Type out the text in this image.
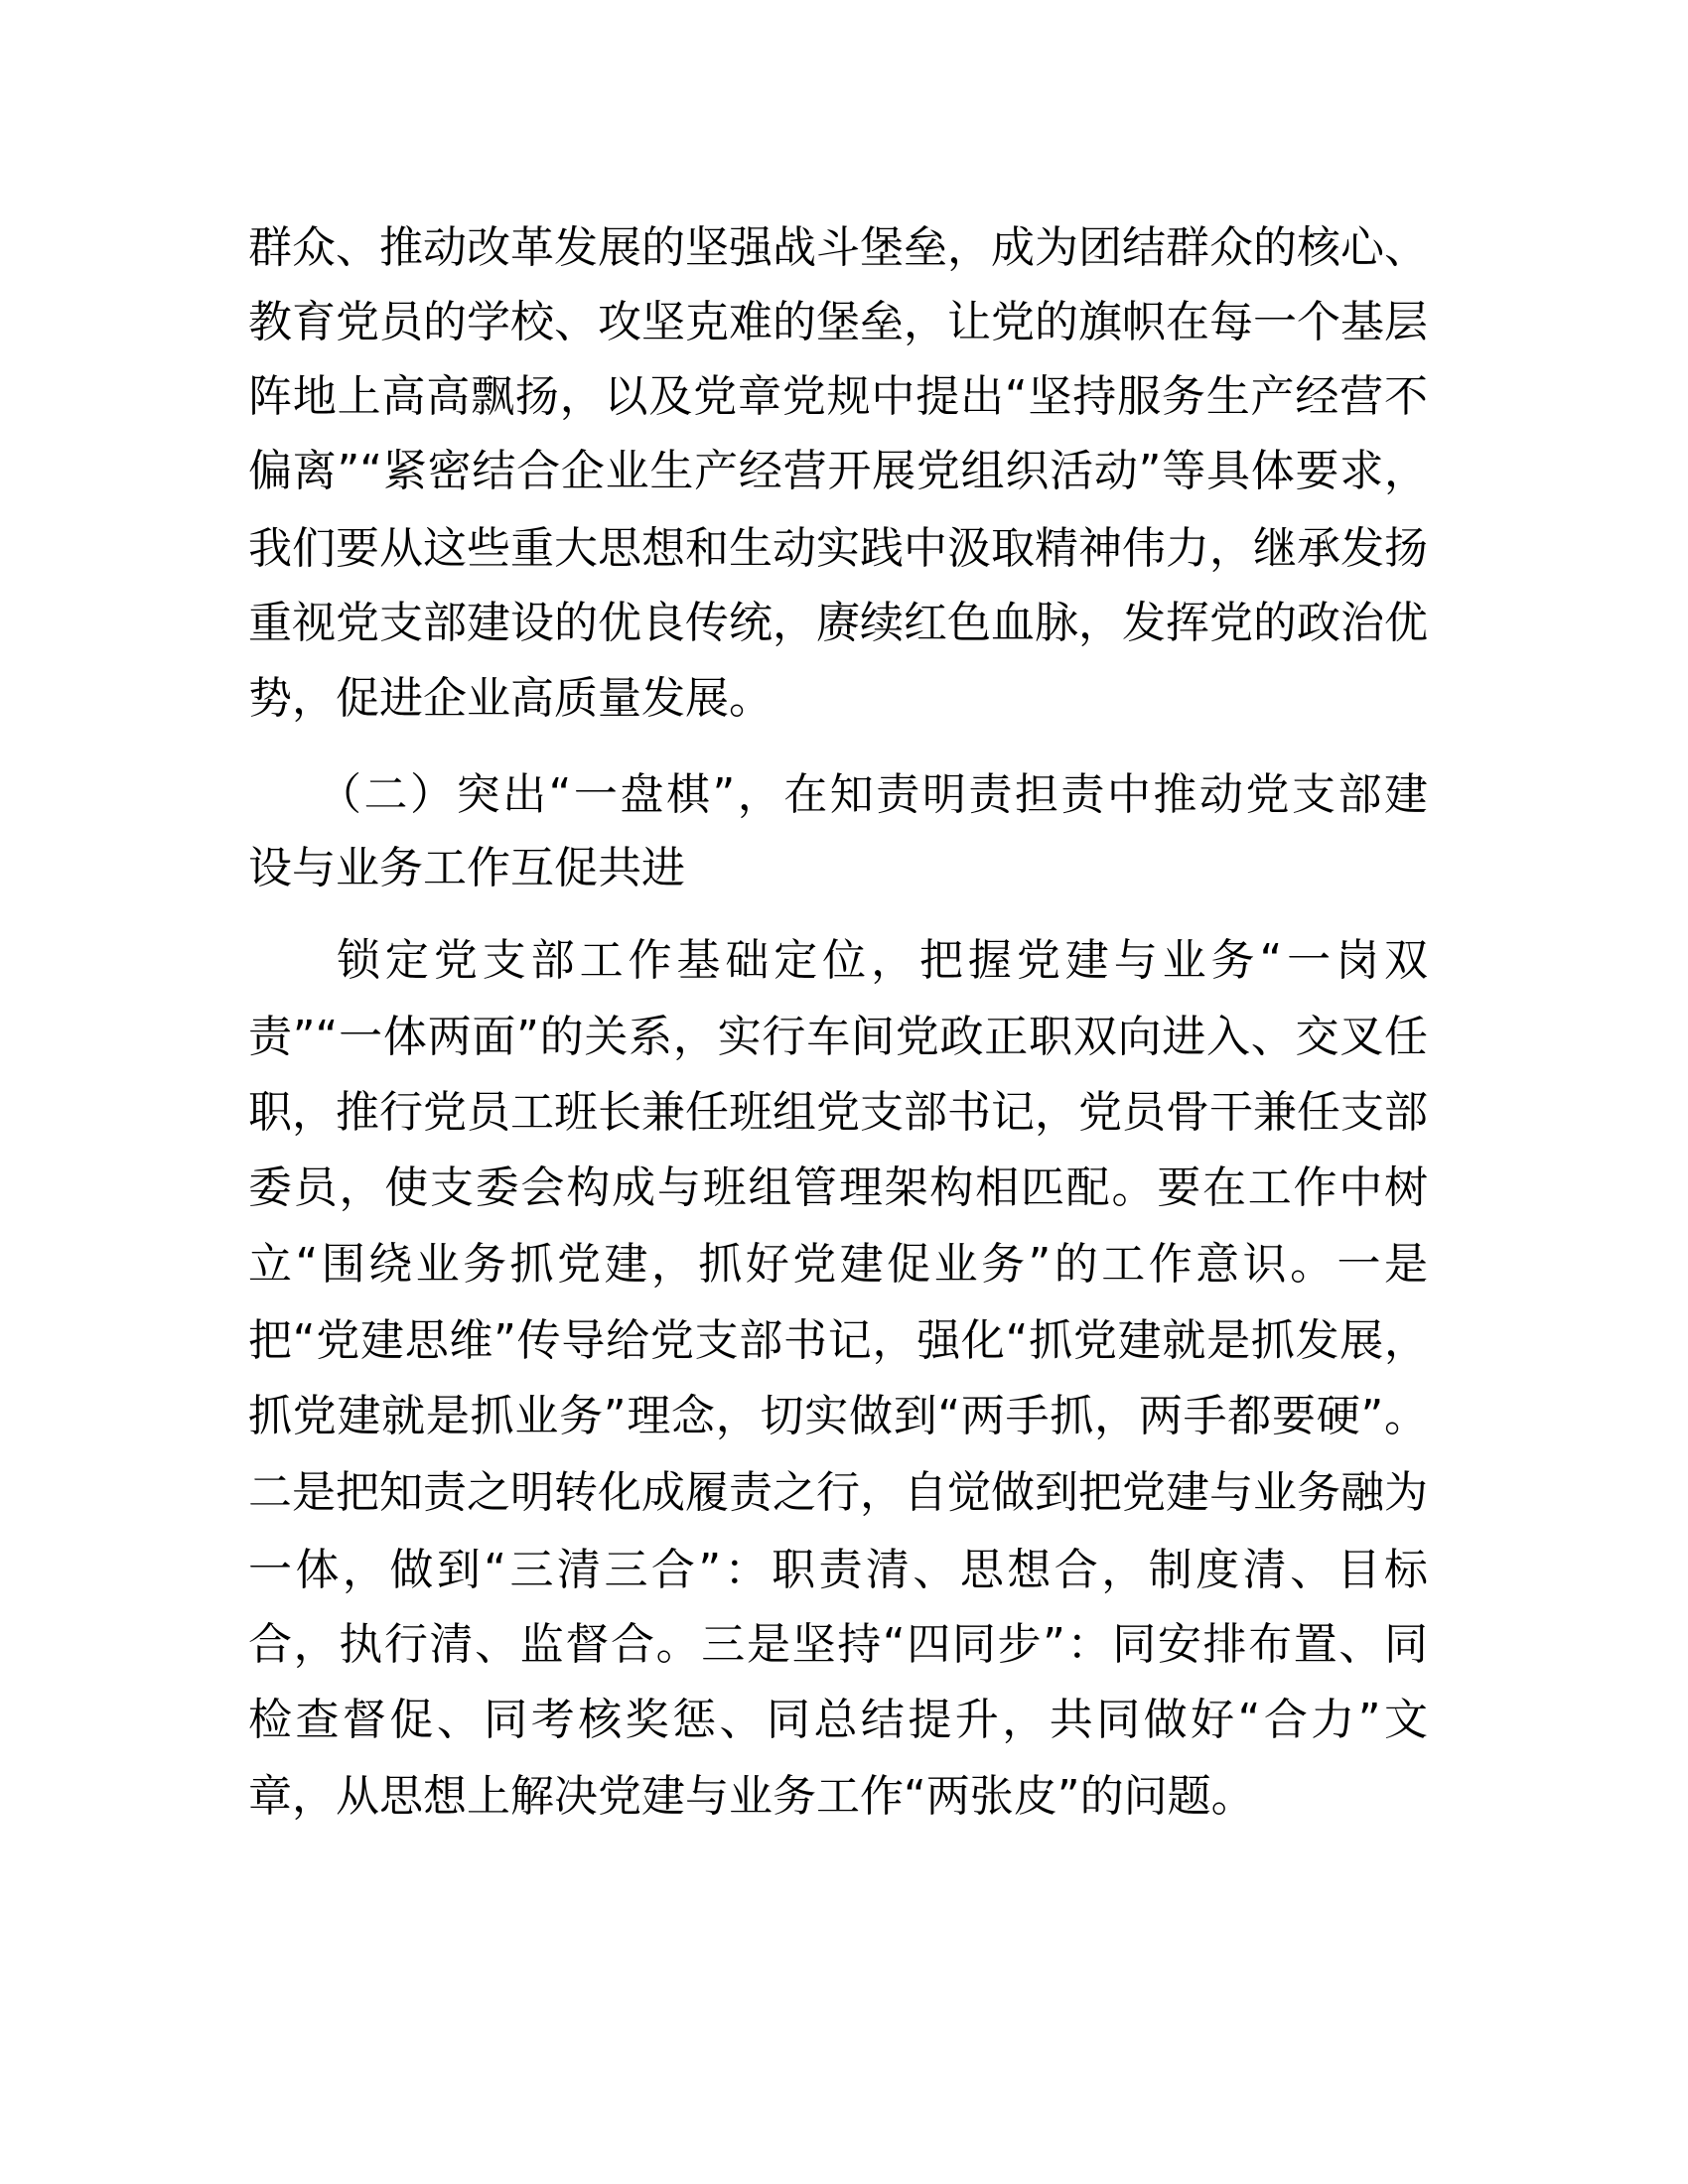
群众、推动改革发展的坚强战斗堡垒，成为团结群众的核心、
教育党员的学校、攻坚克难的堡垒，让党的旗帜在每一个基层
阵地上高高飘扬，以及党章党规中提出“坚持服务生产经营不
偏离”“紧密结合企业生产经营开展党组织活动”等具体要求，
我们要从这些重大思想和生动实践中汲取精神伟力，继承发扬
重视党支部建设的优良传统，赓续红色血脉，发挥党的政治优
势，促进企业高质量发展。
（二）突出“一盘棋”，在知责明责担责中推动党支部建
设与业务工作互促共进
锁定党支部工作基础定位，把握党建与业务“一岗双
责”“一体两面”的关系，实行车间党政正职双向进入、交叉任
职，推行党员工班长兼任班组党支部书记，党员骨干兼任支部
委员，使支委会构成与班组管理架构相匹配。要在工作中树
立“围绕业务抓党建，抓好党建促业务”的工作意识。一是
把“党建思维”传导给党支部书记，强化“抓党建就是抓发展，
抓党建就是抓业务”理念，切实做到“两手抓，两手都要硬”。
二是把知责之明转化成履责之行，自觉做到把党建与业务融为
一体，做到“三清三合”：职责清、思想合，制度清、目标
合，执行清、监督合。三是坚持“四同步”：同安排布置、同
检查督促、同考核奖惩、同总结提升，共同做好“合力”文
章，从思想上解决党建与业务工作“两张皮”的问题。
